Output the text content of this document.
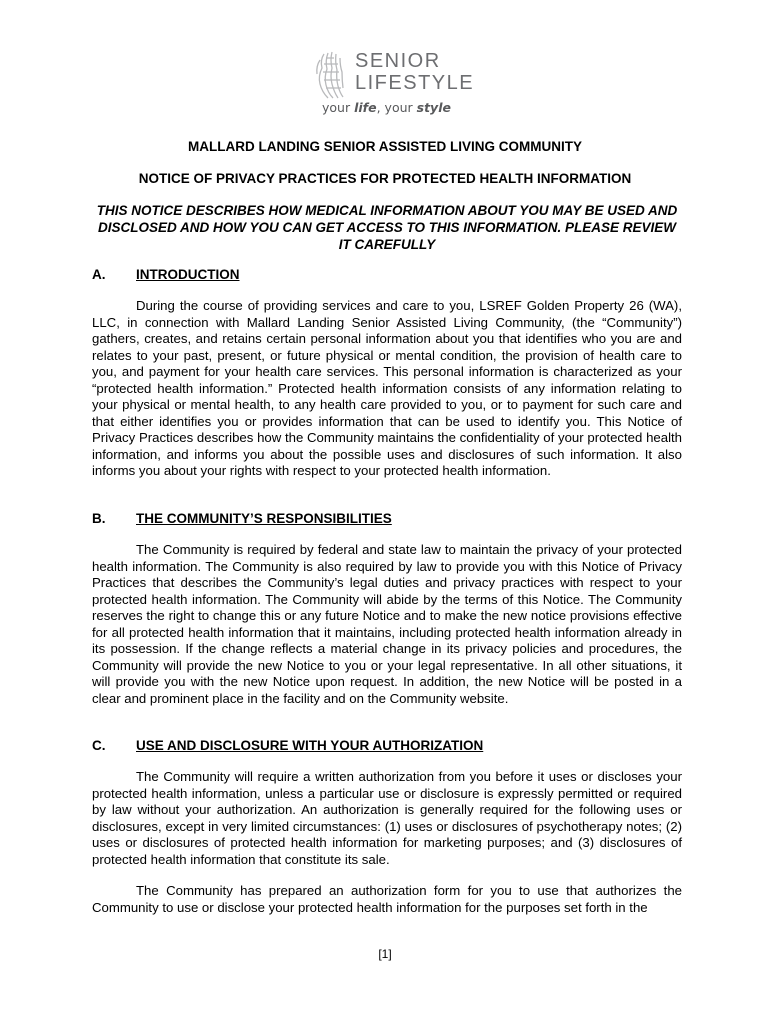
SENIOR
LIFESTYLE
your life, your style
MALLARD LANDING SENIOR ASSISTED LIVING COMMUNITY
NOTICE OF PRIVACY PRACTICES FOR PROTECTED HEALTH INFORMATION
THIS NOTICE DESCRIBES HOW MEDICAL INFORMATION ABOUT YOU MAY BE USED AND DISCLOSED AND HOW YOU CAN GET ACCESS TO THIS INFORMATION. PLEASE REVIEW IT CAREFULLY
A. INTRODUCTION

During the course of providing services and care to you, LSREF Golden Property 26 (WA), LLC, in connection with Mallard Landing Senior Assisted Living Community, (the “Community”) gathers, creates, and retains certain personal information about you that identifies who you are and relates to your past, present, or future physical or mental condition, the provision of health care to you, and payment for your health care services. This personal information is characterized as your “protected health information.” Protected health information consists of any information relating to your physical or mental health, to any health care provided to you, or to payment for such care and that either identifies you or provides information that can be used to identify you. This Notice of Privacy Practices describes how the Community maintains the confidentiality of your protected health information, and informs you about the possible uses and disclosures of such information. It also informs you about your rights with respect to your protected health information.

B. THE COMMUNITY’S RESPONSIBILITIES

The Community is required by federal and state law to maintain the privacy of your protected health information. The Community is also required by law to provide you with this Notice of Privacy Practices that describes the Community’s legal duties and privacy practices with respect to your protected health information. The Community will abide by the terms of this Notice. The Community reserves the right to change this or any future Notice and to make the new notice provisions effective for all protected health information that it maintains, including protected health information already in its possession. If the change reflects a material change in its privacy policies and procedures, the Community will provide the new Notice to you or your legal representative. In all other situations, it will provide you with the new Notice upon request. In addition, the new Notice will be posted in a clear and prominent place in the facility and on the Community website.

C. USE AND DISCLOSURE WITH YOUR AUTHORIZATION

The Community will require a written authorization from you before it uses or discloses your protected health information, unless a particular use or disclosure is expressly permitted or required by law without your authorization. An authorization is generally required for the following uses or disclosures, except in very limited circumstances: (1) uses or disclosures of psychotherapy notes; (2) uses or disclosures of protected health information for marketing purposes; and (3) disclosures of protected health information that constitute its sale.

The Community has prepared an authorization form for you to use that authorizes the Community to use or disclose your protected health information for the purposes set forth in the

[1]
